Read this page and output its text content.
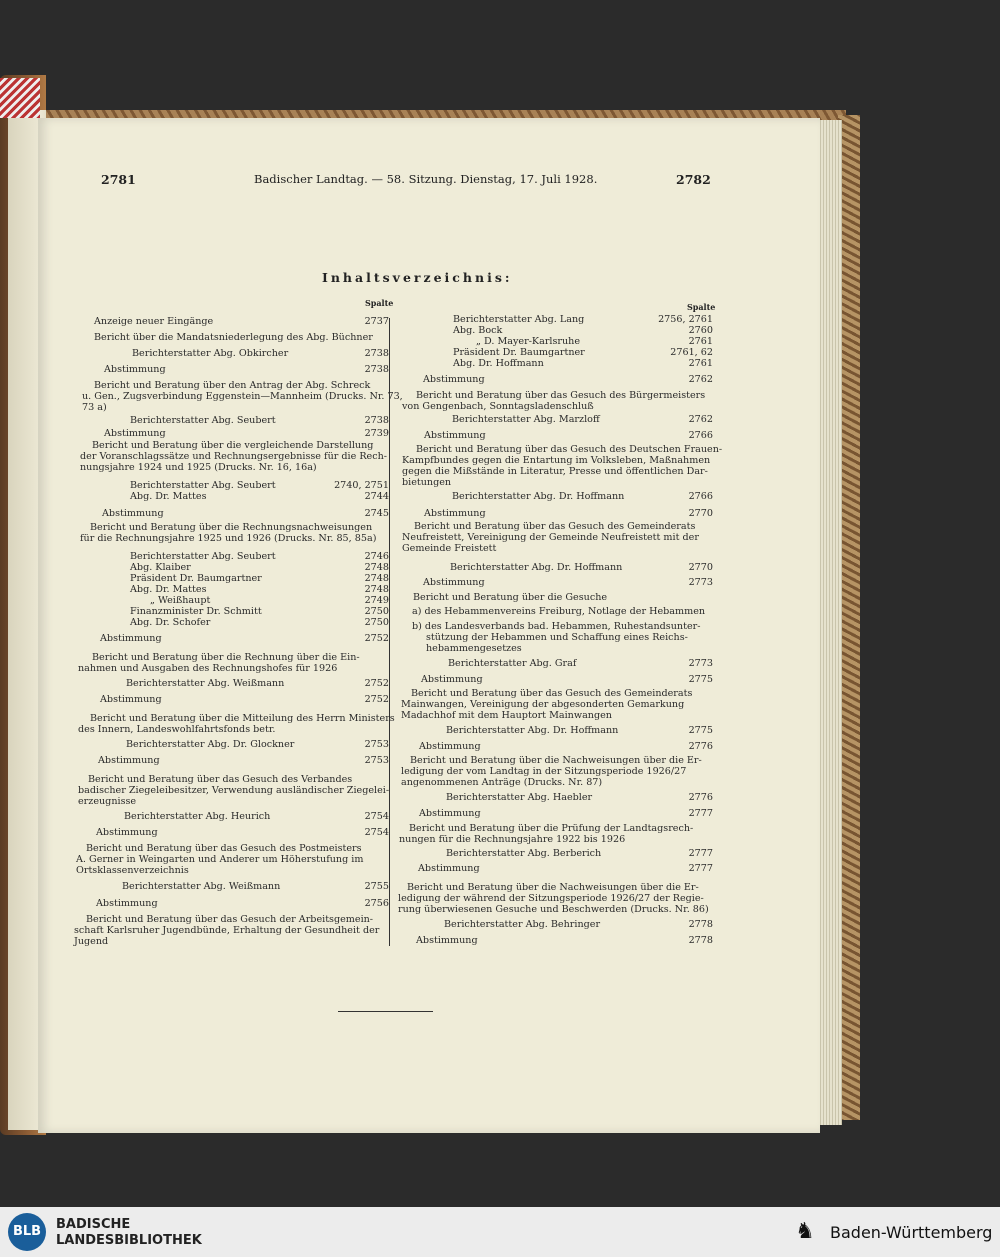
2781	Badischer Landtag. — 58. Sitzung. Dienstag, 17. Juli 1928.	2782
Inhaltsverzeichnis:
Spalte	Spalte
Anzeige neuer Eingänge	2737
Bericht über die Mandatsniederlegung des Abg. Büchner
Berichterstatter Abg. Obkircher	2738
Abstimmung	2738
Bericht und Beratung über den Antrag der Abg. Schreck
u. Gen., Zugsverbindung Eggenstein—Mannheim (Drucks. Nr. 73,
73 a)
Berichterstatter Abg. Seubert	2738
Abstimmung	2739
Bericht und Beratung über die vergleichende Darstellung
der Voranschlagssätze und Rechnungsergebnisse für die Rech-
nungsjahre 1924 und 1925 (Drucks. Nr. 16, 16a)
Berichterstatter Abg. Seubert	2740, 2751
Abg. Dr. Mattes	2744
Abstimmung	2745
Bericht und Beratung über die Rechnungsnachweisungen
für die Rechnungsjahre 1925 und 1926 (Drucks. Nr. 85, 85a)
Berichterstatter Abg. Seubert	2746
Abg. Klaiber	2748
Präsident Dr. Baumgartner	2748
Abg. Dr. Mattes	2748
„ Weißhaupt	2749
Finanzminister Dr. Schmitt	2750
Abg. Dr. Schofer	2750
Abstimmung	2752
Bericht und Beratung über die Rechnung über die Ein-
nahmen und Ausgaben des Rechnungshofes für 1926
Berichterstatter Abg. Weißmann	2752
Abstimmung	2752
Bericht und Beratung über die Mitteilung des Herrn Ministers
des Innern, Landeswohlfahrtsfonds betr.
Berichterstatter Abg. Dr. Glockner	2753
Abstimmung	2753
Bericht und Beratung über das Gesuch des Verbandes
badischer Ziegeleibesitzer, Verwendung ausländischer Ziegelei-
erzeugnisse
Berichterstatter Abg. Heurich	2754
Abstimmung	2754
Bericht und Beratung über das Gesuch des Postmeisters
A. Gerner in Weingarten und Anderer um Höherstufung im
Ortsklassenverzeichnis
Berichterstatter Abg. Weißmann	2755
Abstimmung	2756
Bericht und Beratung über das Gesuch der Arbeitsgemein-
schaft Karlsruher Jugendbünde, Erhaltung der Gesundheit der
Jugend
Berichterstatter Abg. Lang	2756, 2761
Abg. Bock	2760
„ D. Mayer-Karlsruhe	2761
Präsident Dr. Baumgartner	2761, 62
Abg. Dr. Hoffmann	2761
Abstimmung	2762
Bericht und Beratung über das Gesuch des Bürgermeisters
von Gengenbach, Sonntagsladenschluß
Berichterstatter Abg. Marzloff	2762
Abstimmung	2766
Bericht und Beratung über das Gesuch des Deutschen Frauen-
Kampfbundes gegen die Entartung im Volksleben, Maßnahmen
gegen die Mißstände in Literatur, Presse und öffentlichen Dar-
bietungen
Berichterstatter Abg. Dr. Hoffmann	2766
Abstimmung	2770
Bericht und Beratung über das Gesuch des Gemeinderats
Neufreistett, Vereinigung der Gemeinde Neufreistett mit der
Gemeinde Freistett
Berichterstatter Abg. Dr. Hoffmann	2770
Abstimmung	2773
Bericht und Beratung über die Gesuche
a) des Hebammenvereins Freiburg, Notlage der Hebammen
b) des Landesverbands bad. Hebammen, Ruhestandsunter-
stützung der Hebammen und Schaffung eines Reichs-
hebammengesetzes
Berichterstatter Abg. Graf	2773
Abstimmung	2775
Bericht und Beratung über das Gesuch des Gemeinderats
Mainwangen, Vereinigung der abgesonderten Gemarkung
Madachhof mit dem Hauptort Mainwangen
Berichterstatter Abg. Dr. Hoffmann	2775
Abstimmung	2776
Bericht und Beratung über die Nachweisungen über die Er-
ledigung der vom Landtag in der Sitzungsperiode 1926/27
angenommenen Anträge (Drucks. Nr. 87)
Berichterstatter Abg. Haebler	2776
Abstimmung	2777
Bericht und Beratung über die Prüfung der Landtagsrech-
nungen für die Rechnungsjahre 1922 bis 1926
Berichterstatter Abg. Berberich	2777
Abstimmung	2777
Bericht und Beratung über die Nachweisungen über die Er-
ledigung der während der Sitzungsperiode 1926/27 der Regie-
rung überwiesenen Gesuche und Beschwerden (Drucks. Nr. 86)
Berichterstatter Abg. Behringer	2778
Abstimmung	2778
BLB	BADISCHE
LANDESBIBLIOTHEK	♞ Baden-Württemberg
